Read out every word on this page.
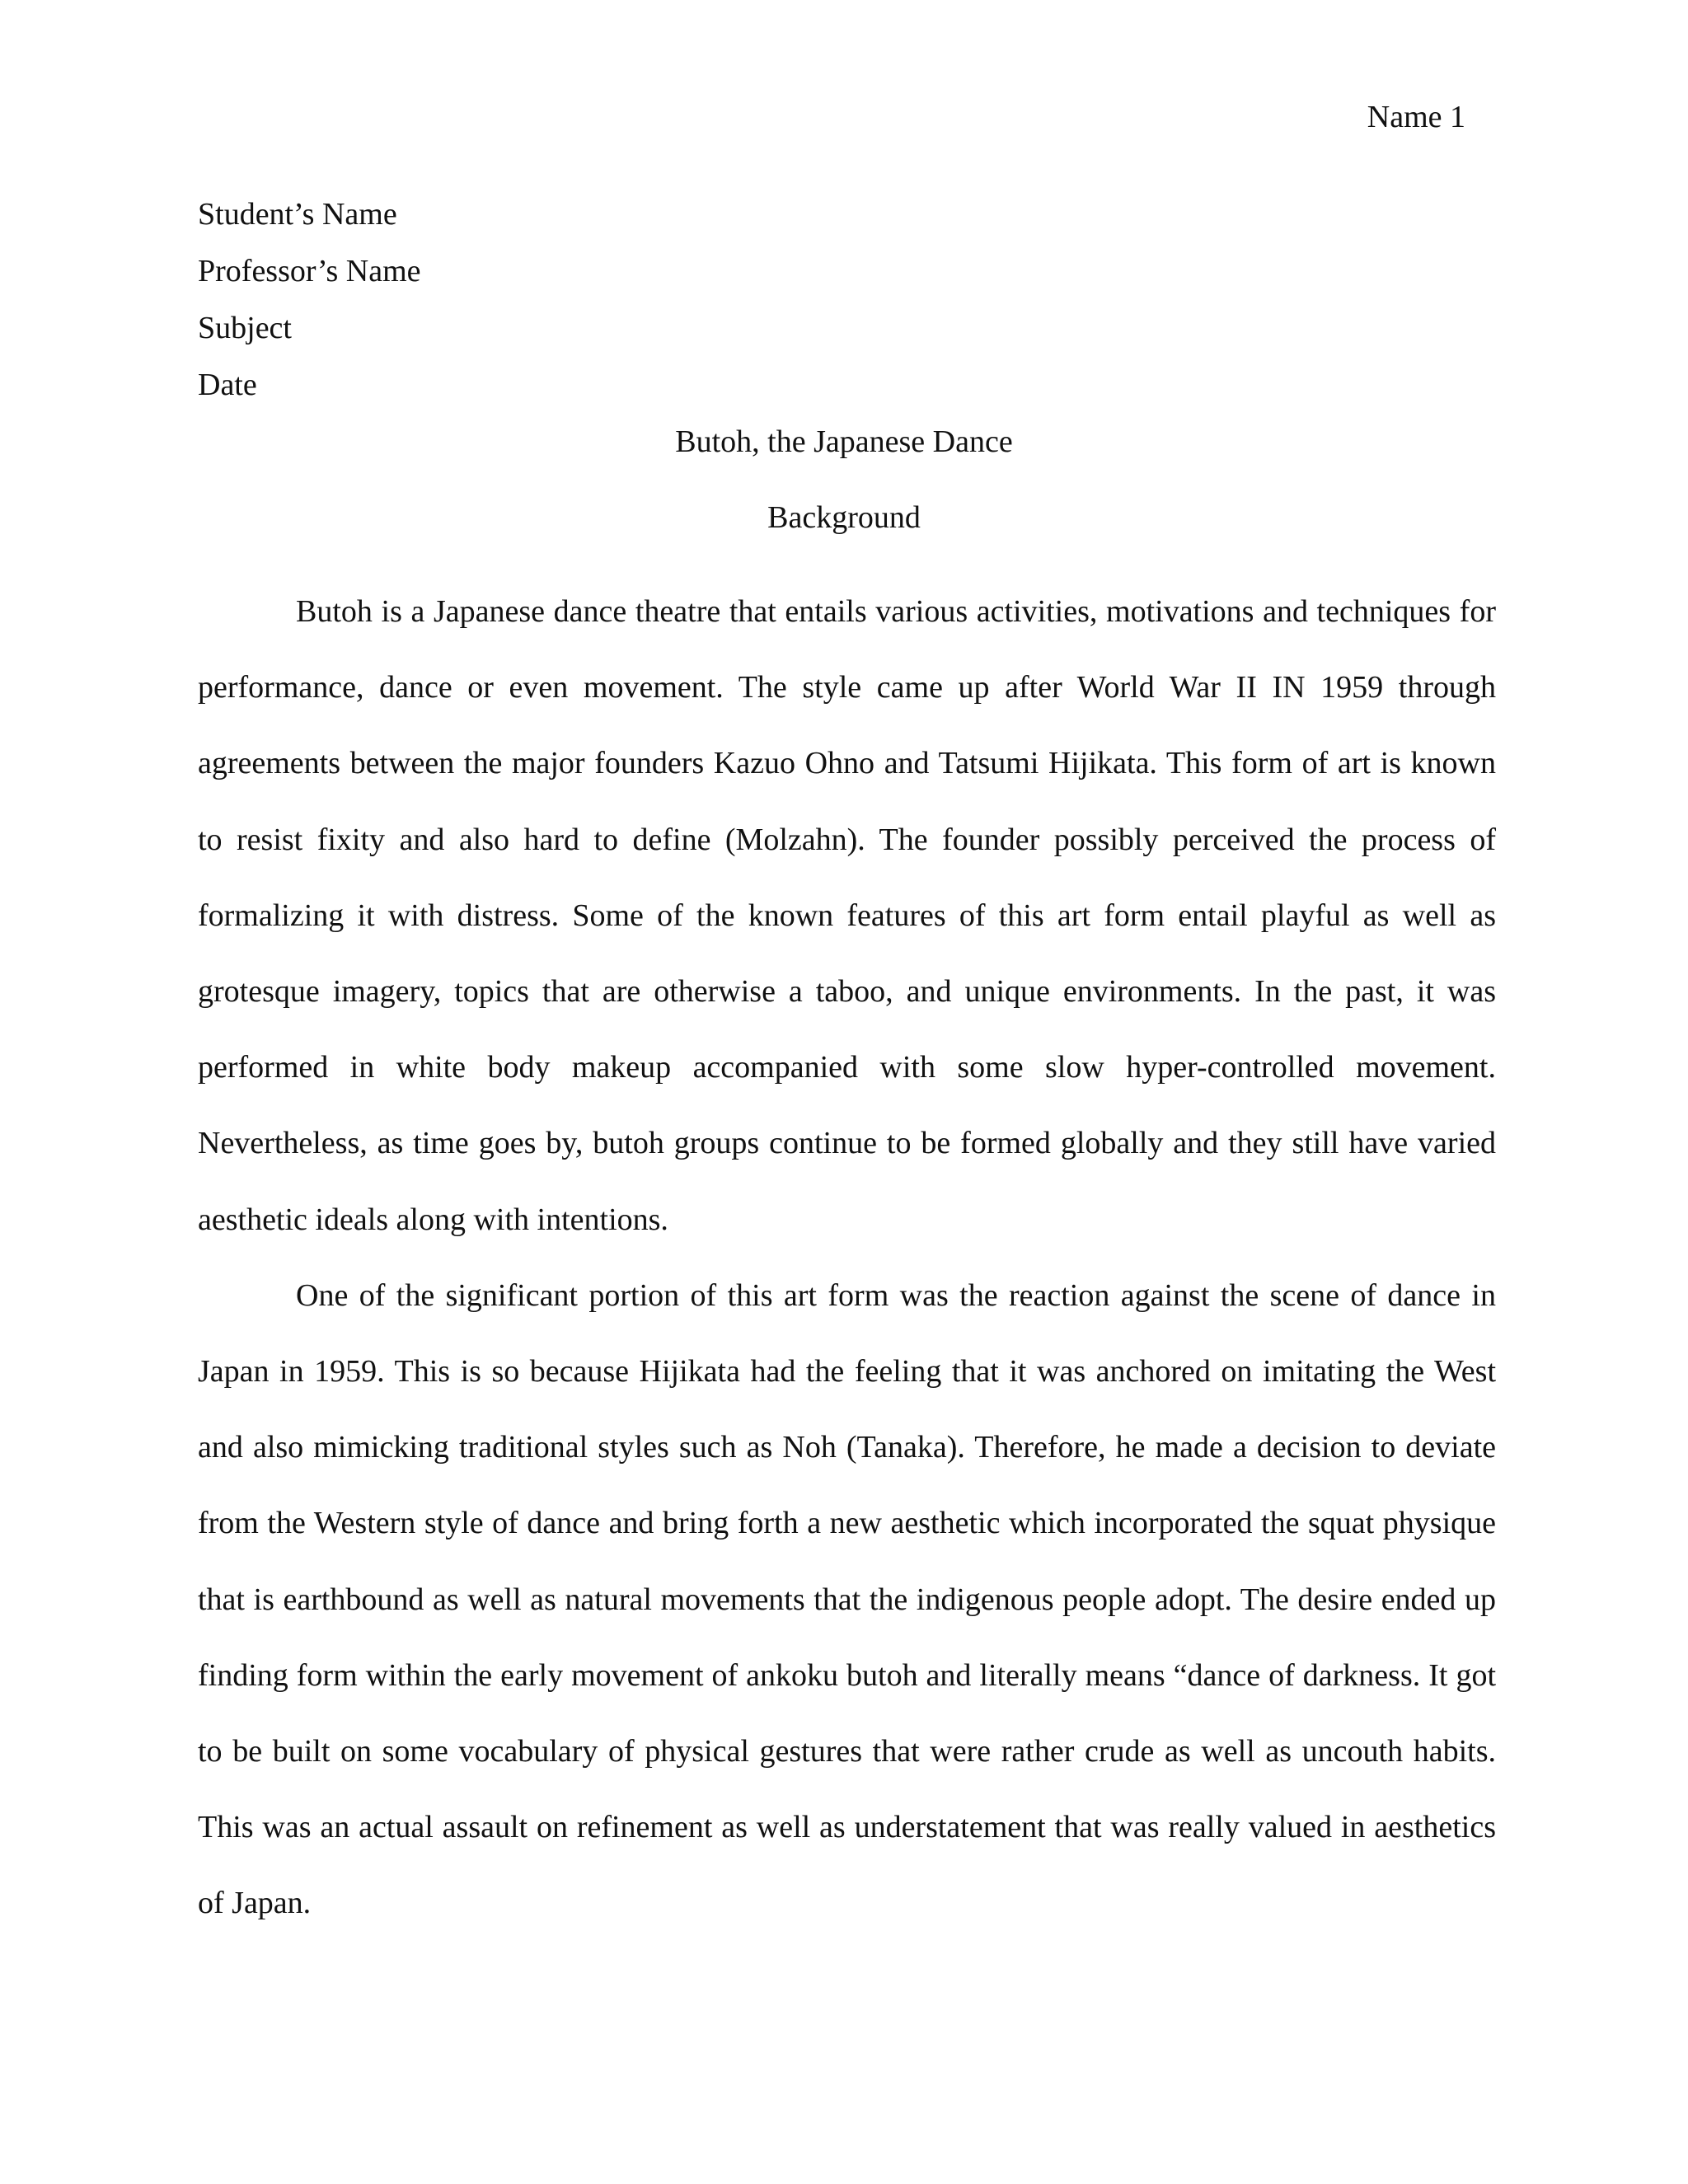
Name 1
Student’s Name
Professor’s Name
Subject
Date
Butoh, the Japanese Dance
Background

Butoh is a Japanese dance theatre that entails various activities, motivations and techniques for performance, dance or even movement. The style came up after World War II IN 1959 through agreements between the major founders Kazuo Ohno and Tatsumi Hijikata. This form of art is known to resist fixity and also hard to define (Molzahn). The founder possibly perceived the process of formalizing it with distress. Some of the known features of this art form entail playful as well as grotesque imagery, topics that are otherwise a taboo, and unique environments. In the past, it was performed in white body makeup accompanied with some slow hyper-controlled movement. Nevertheless, as time goes by, butoh groups continue to be formed globally and they still have varied aesthetic ideals along with intentions.

One of the significant portion of this art form was the reaction against the scene of dance in Japan in 1959. This is so because Hijikata had the feeling that it was anchored on imitating the West and also mimicking traditional styles such as Noh (Tanaka). Therefore, he made a decision to deviate from the Western style of dance and bring forth a new aesthetic which incorporated the squat physique that is earthbound as well as natural movements that the indigenous people adopt. The desire ended up finding form within the early movement of ankoku butoh and literally means “dance of darkness. It got to be built on some vocabulary of physical gestures that were rather crude as well as uncouth habits. This was an actual assault on refinement as well as understatement that was really valued in aesthetics of Japan.
